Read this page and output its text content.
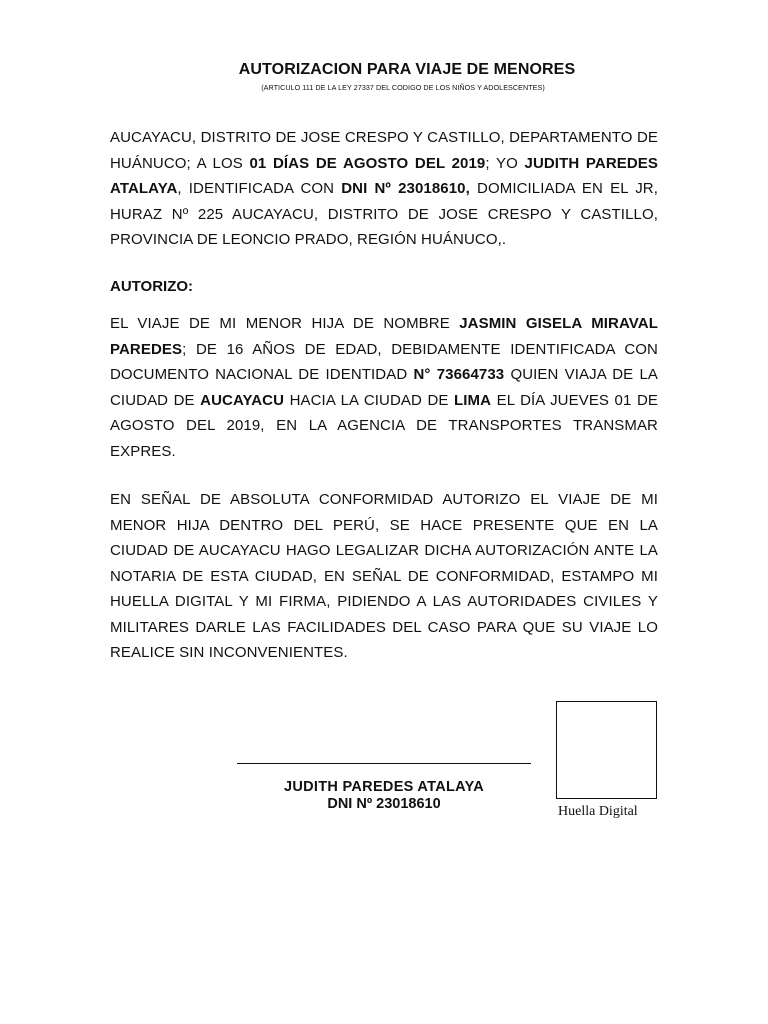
AUTORIZACION PARA VIAJE DE MENORES
(ARTICULO 111 DE LA LEY 27337 DEL CODIGO DE LOS NIÑOS Y ADOLESCENTES)

AUCAYACU, DISTRITO DE JOSE CRESPO Y CASTILLO, DEPARTAMENTO DE HUÁNUCO; A LOS 01 DÍAS DE AGOSTO DEL 2019; YO JUDITH PAREDES ATALAYA, IDENTIFICADA CON DNI Nº 23018610, DOMICILIADA EN EL JR, HURAZ Nº 225 AUCAYACU, DISTRITO DE JOSE CRESPO Y CASTILLO, PROVINCIA DE LEONCIO PRADO, REGIÓN HUÁNUCO,.

AUTORIZO:

EL VIAJE DE MI MENOR HIJA DE NOMBRE JASMIN GISELA MIRAVAL PAREDES; DE 16 AÑOS DE EDAD, DEBIDAMENTE IDENTIFICADA CON DOCUMENTO NACIONAL DE IDENTIDAD N° 73664733 QUIEN VIAJA DE LA CIUDAD DE AUCAYACU HACIA LA CIUDAD DE LIMA EL DÍA JUEVES 01 DE AGOSTO DEL 2019, EN LA AGENCIA DE TRANSPORTES TRANSMAR EXPRES.

EN SEÑAL DE ABSOLUTA CONFORMIDAD AUTORIZO EL VIAJE DE MI MENOR HIJA DENTRO DEL PERÚ, SE HACE PRESENTE QUE EN LA CIUDAD DE AUCAYACU HAGO LEGALIZAR DICHA AUTORIZACIÓN ANTE LA NOTARIA DE ESTA CIUDAD, EN SEÑAL DE CONFORMIDAD, ESTAMPO MI HUELLA DIGITAL Y MI FIRMA, PIDIENDO A LAS AUTORIDADES CIVILES Y MILITARES DARLE LAS FACILIDADES DEL CASO PARA QUE SU VIAJE LO REALICE SIN INCONVENIENTES.

JUDITH PAREDES ATALAYA
DNI Nº 23018610	Huella Digital
